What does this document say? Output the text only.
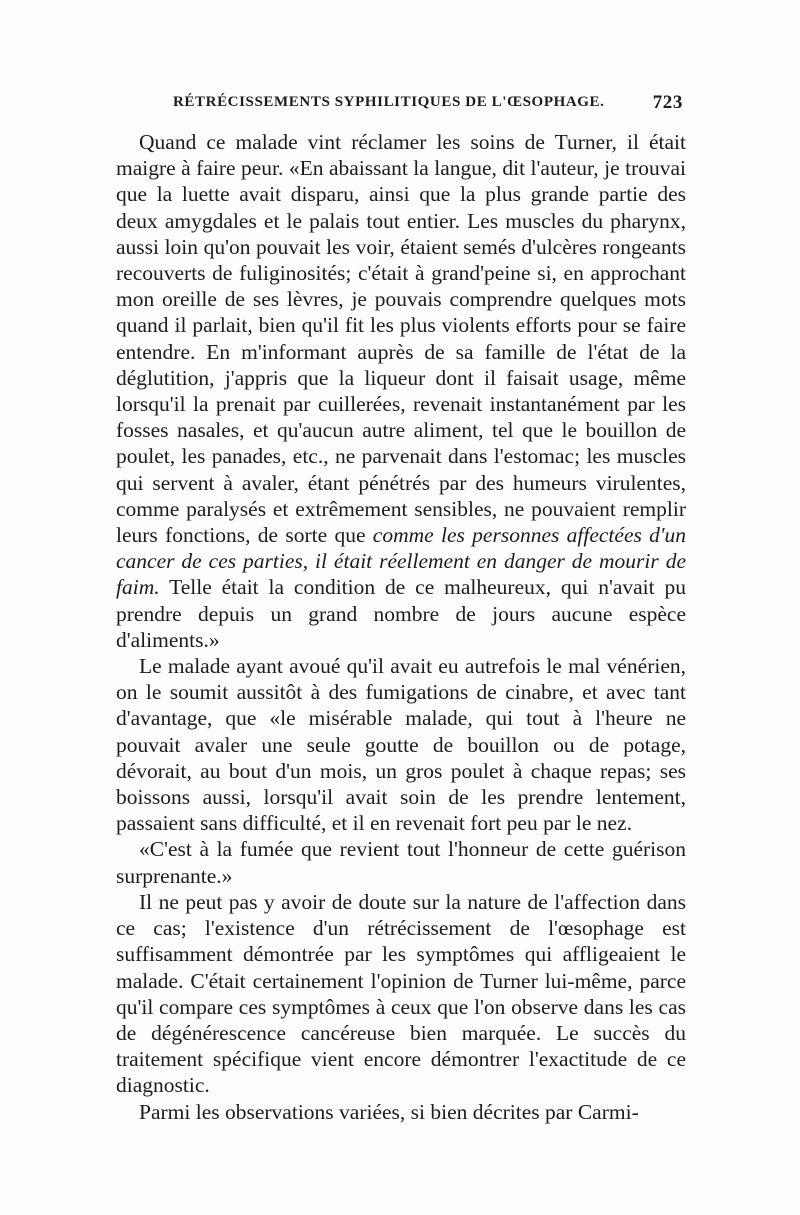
RÉTRÉCISSEMENTS SYPHILITIQUES DE L'ŒSOPHAGE.	723

Quand ce malade vint réclamer les soins de Turner, il était maigre à faire peur. «En abaissant la langue, dit l'auteur, je trouvai que la luette avait disparu, ainsi que la plus grande partie des deux amygdales et le palais tout entier. Les muscles du pharynx, aussi loin qu'on pouvait les voir, étaient semés d'ulcères rongeants recouverts de fuliginosités; c'était à grand'peine si, en approchant mon oreille de ses lèvres, je pouvais comprendre quelques mots quand il parlait, bien qu'il fit les plus violents efforts pour se faire entendre. En m'informant auprès de sa famille de l'état de la déglutition, j'appris que la liqueur dont il faisait usage, même lorsqu'il la prenait par cuillerées, revenait instantanément par les fosses nasales, et qu'aucun autre aliment, tel que le bouillon de poulet, les panades, etc., ne parvenait dans l'estomac; les muscles qui servent à avaler, étant pénétrés par des humeurs virulentes, comme paralysés et extrêmement sensibles, ne pouvaient remplir leurs fonctions, de sorte que comme les personnes affectées d'un cancer de ces parties, il était réellement en danger de mourir de faim. Telle était la condition de ce malheureux, qui n'avait pu prendre depuis un grand nombre de jours aucune espèce d'aliments.»

Le malade ayant avoué qu'il avait eu autrefois le mal vénérien, on le soumit aussitôt à des fumigations de cinabre, et avec tant d'avantage, que «le misérable malade, qui tout à l'heure ne pouvait avaler une seule goutte de bouillon ou de potage, dévorait, au bout d'un mois, un gros poulet à chaque repas; ses boissons aussi, lorsqu'il avait soin de les prendre lentement, passaient sans difficulté, et il en revenait fort peu par le nez.

«C'est à la fumée que revient tout l'honneur de cette guérison surprenante.»

Il ne peut pas y avoir de doute sur la nature de l'affection dans ce cas; l'existence d'un rétrécissement de l'œsophage est suffisamment démontrée par les symptômes qui affligeaient le malade. C'était certainement l'opinion de Turner lui-même, parce qu'il compare ces symptômes à ceux que l'on observe dans les cas de dégénérescence cancéreuse bien marquée. Le succès du traitement spécifique vient encore démontrer l'exactitude de ce diagnostic.

Parmi les observations variées, si bien décrites par Carmi-
